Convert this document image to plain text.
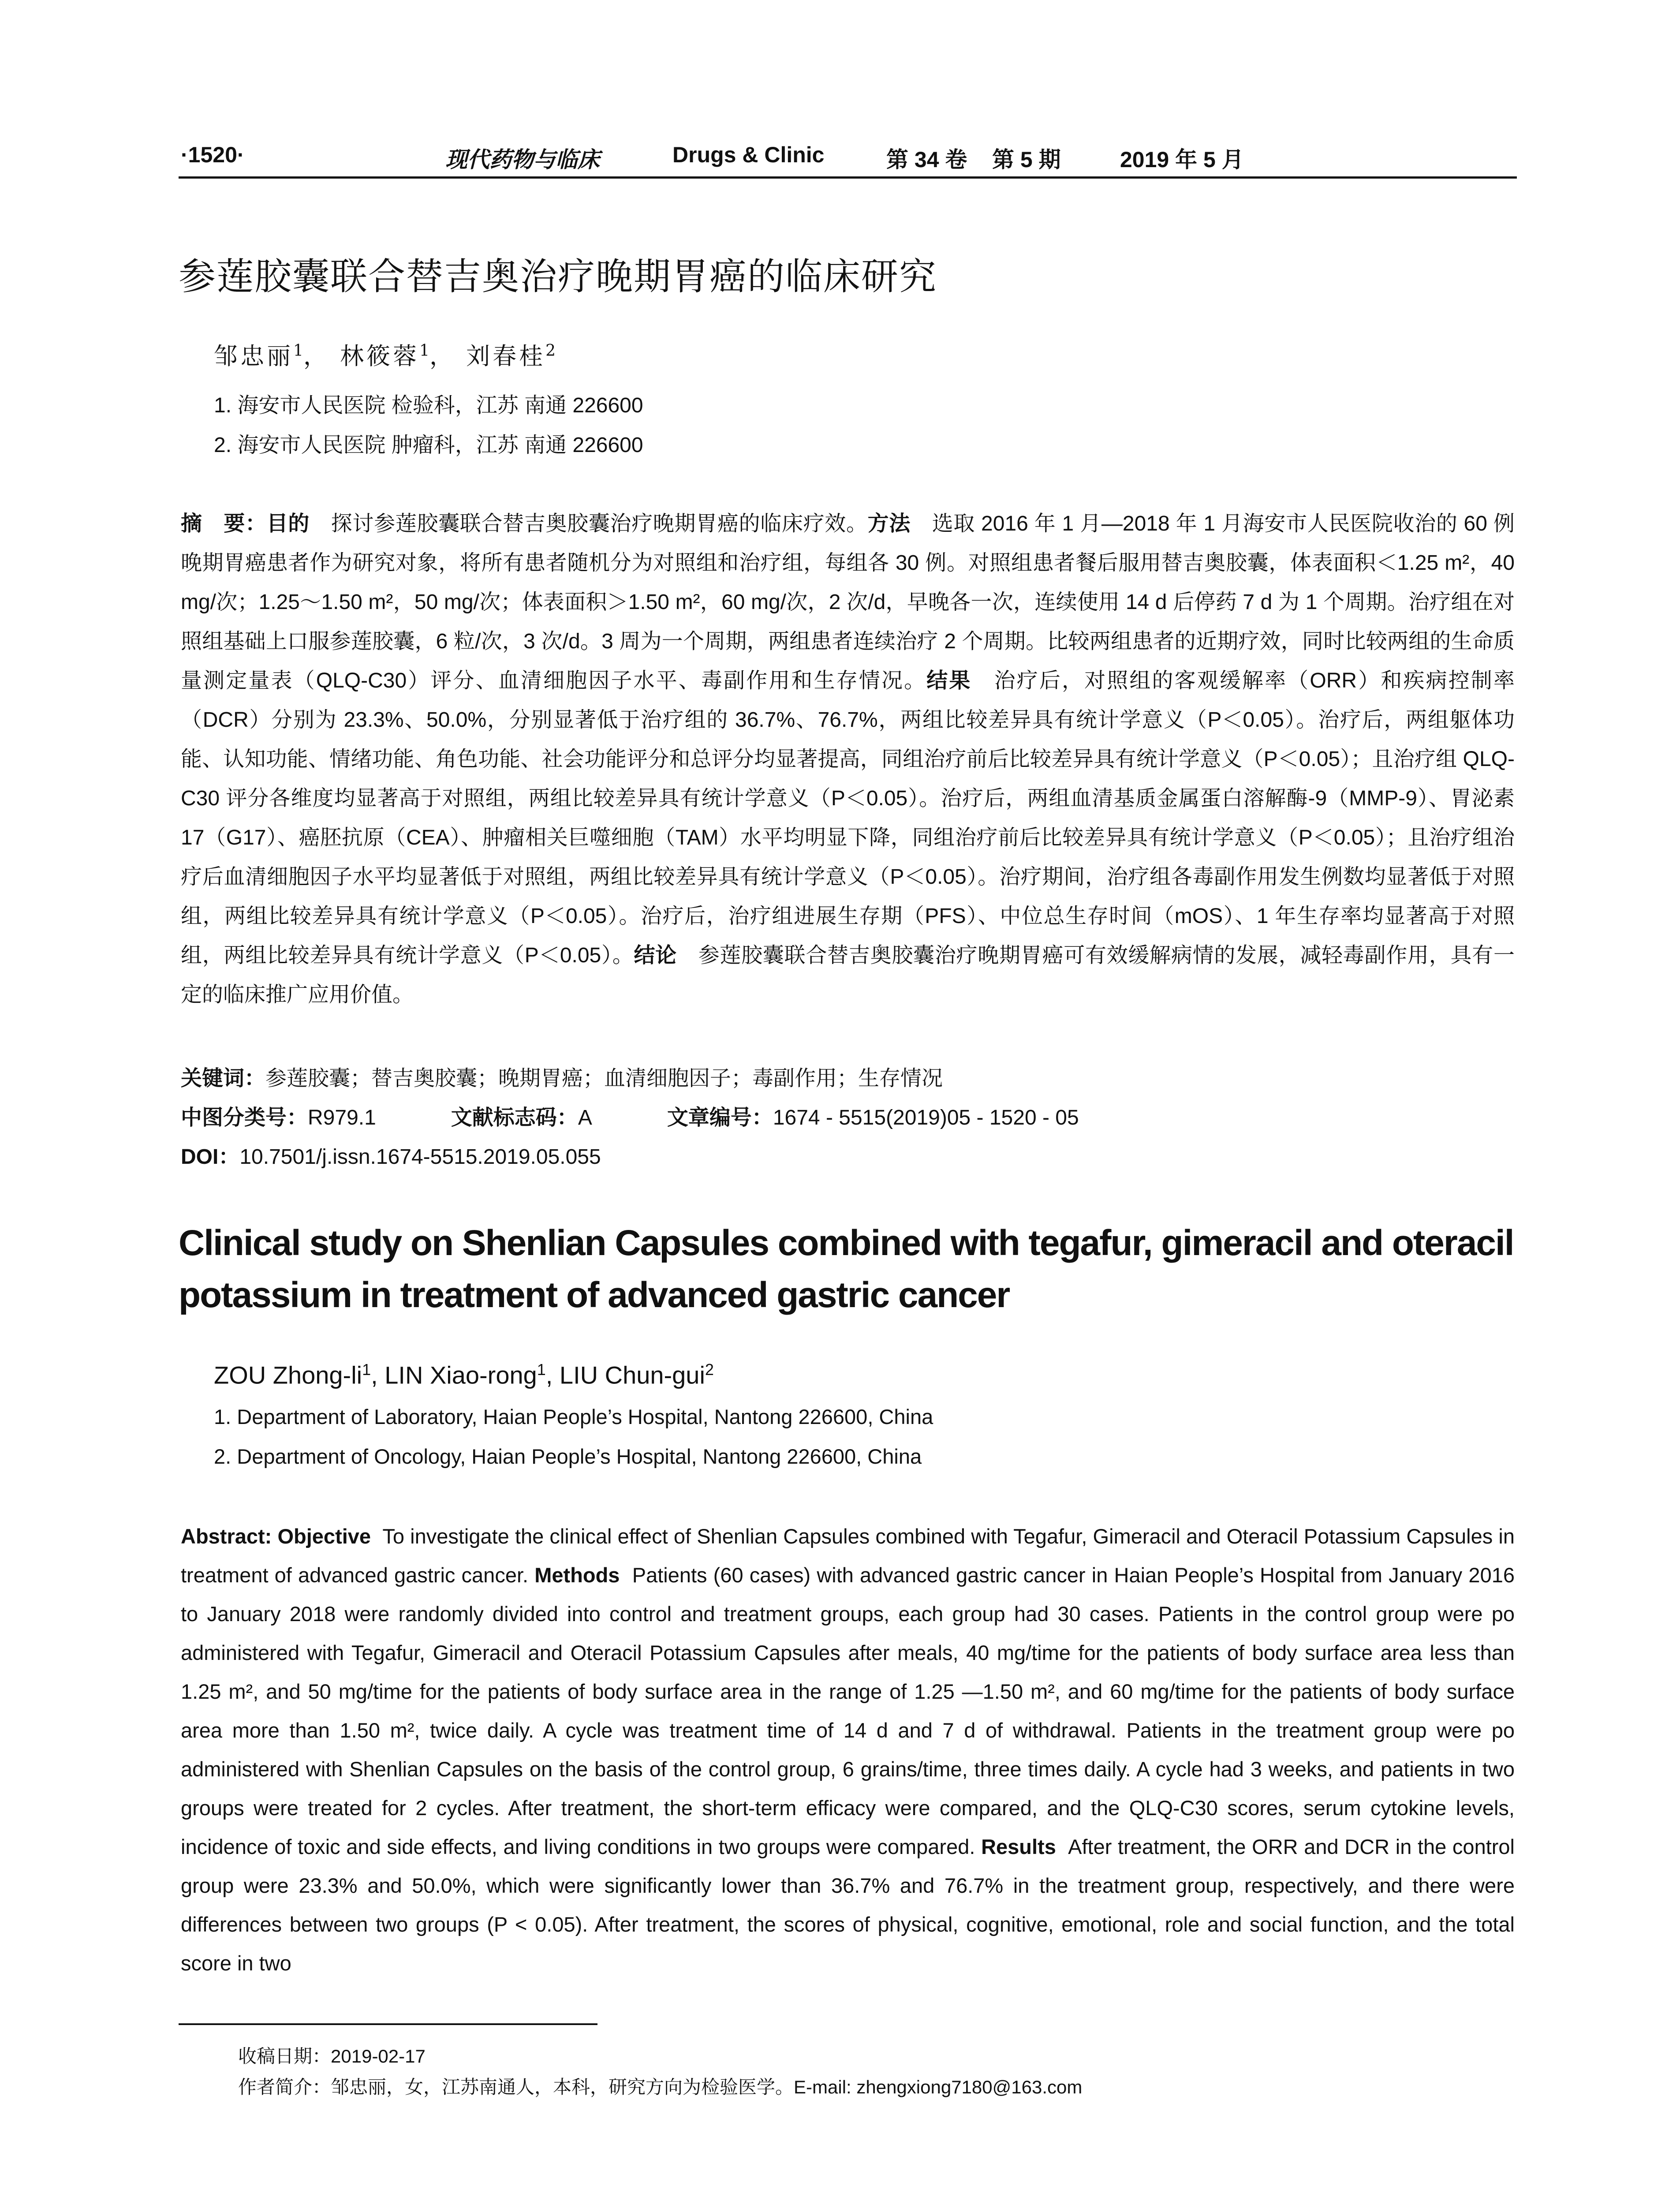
·1520·	现代药物与临床	Drugs & Clinic	第 34 卷 第 5 期	2019 年 5 月
参莲胶囊联合替吉奥治疗晚期胃癌的临床研究
邹忠丽$^1$， 林筱蓉$^1$， 刘春桂$^2$
1. 海安市人民医院 检验科，江苏 南通 226600
2. 海安市人民医院 肿瘤科，江苏 南通 226600
摘　要：目的　 探讨参莲胶囊联合替吉奥胶囊治疗晚期胃癌的临床疗效。方法　 选取 2016 年 1 月—2018 年 1 月海安市人民医院收治的 60 例晚期胃癌患者作为研究对象，将所有患者随机分为对照组和治疗组，每组各 30 例。对照组患者餐后服用替吉奥胶囊，体表面积＜1.25 m²，40 mg/次；1.25～1.50 m²，50 mg/次；体表面积＞1.50 m²，60 mg/次，2 次/d，早晚各一次，连续使用 14 d 后停药 7 d 为 1 个周期。治疗组在对照组基础上口服参莲胶囊，6 粒/次，3 次/d。3 周为一个周期，两组患者连续治疗 2 个周期。比较两组患者的近期疗效，同时比较两组的生命质量测定量表（QLQ-C30）评分、血清细胞因子水平、毒副作用和生存情况。结果　 治疗后，对照组的客观缓解率（ORR）和疾病控制率（DCR）分别为 23.3%、50.0%，分别显著低于治疗组的 36.7%、76.7%，两组比较差异具有统计学意义（P＜0.05）。治疗后，两组躯体功能、认知功能、情绪功能、角色功能、社会功能评分和总评分均显著提高，同组治疗前后比较差异具有统计学意义（P＜0.05）；且治疗组 QLQ-C30 评分各维度均显著高于对照组，两组比较差异具有统计学意义（P＜0.05）。治疗后，两组血清基质金属蛋白溶解酶-9（MMP-9）、胃泌素 17（G17）、癌胚抗原（CEA）、肿瘤相关巨噬细胞（TAM）水平均明显下降，同组治疗前后比较差异具有统计学意义（P＜0.05）；且治疗组治疗后血清细胞因子水平均显著低于对照组，两组比较差异具有统计学意义（P＜0.05）。治疗期间，治疗组各毒副作用发生例数均显著低于对照组，两组比较差异具有统计学意义（P＜0.05）。治疗后，治疗组进展生存期（PFS）、中位总生存时间（mOS）、1 年生存率均显著高于对照组，两组比较差异具有统计学意义（P＜0.05）。结论　 参莲胶囊联合替吉奥胶囊治疗晚期胃癌可有效缓解病情的发展，减轻毒副作用，具有一定的临床推广应用价值。
关键词：参莲胶囊；替吉奥胶囊；晚期胃癌；血清细胞因子；毒副作用；生存情况
中图分类号：R979.1	文献标志码：A	文章编号：1674 - 5515(2019)05 - 1520 - 05
DOI：10.7501/j.issn.1674-5515.2019.05.055
Clinical study on Shenlian Capsules combined with tegafur, gimeracil and oteracil potassium in treatment of advanced gastric cancer
ZOU Zhong-$li^1$, LIN Xiao-rong$^1$, LIU Chun-gui$^2$
1. Department of Laboratory, Haian People’s Hospital, Nantong 226600, China
2. Department of Oncology, Haian People’s Hospital, Nantong 226600, China
Abstract: Objective To investigate the clinical effect of Shenlian Capsules combined with Tegafur, Gimeracil and Oteracil Potassium Capsules in treatment of advanced gastric cancer. Methods Patients (60 cases) with advanced gastric cancer in Haian People’s Hospital from January 2016 to January 2018 were randomly divided into control and treatment groups, each group had 30 cases. Patients in the control group were po administered with Tegafur, Gimeracil and Oteracil Potassium Capsules after meals, 40 mg/time for the patients of body surface area less than 1.25 m², and 50 mg/time for the patients of body surface area in the range of 1.25 —1.50 m², and 60 mg/time for the patients of body surface area more than 1.50 m², twice daily. A cycle was treatment time of 14 d and 7 d of withdrawal. Patients in the treatment group were po administered with Shenlian Capsules on the basis of the control group, 6 grains/time, three times daily. A cycle had 3 weeks, and patients in two groups were treated for 2 cycles. After treatment, the short-term efficacy were compared, and the QLQ-C30 scores, serum cytokine levels, incidence of toxic and side effects, and living conditions in two groups were compared. Results After treatment, the ORR and DCR in the control group were 23.3% and 50.0%, which were significantly lower than 36.7% and 76.7% in the treatment group, respectively, and there were differences between two groups (P < 0.05). After treatment, the scores of physical, cognitive, emotional, role and social function, and the total score in two
收稿日期：2019-02-17
作者简介：邹忠丽，女，江苏南通人，本科，研究方向为检验医学。E-mail: zhengxiong7180@163.com
